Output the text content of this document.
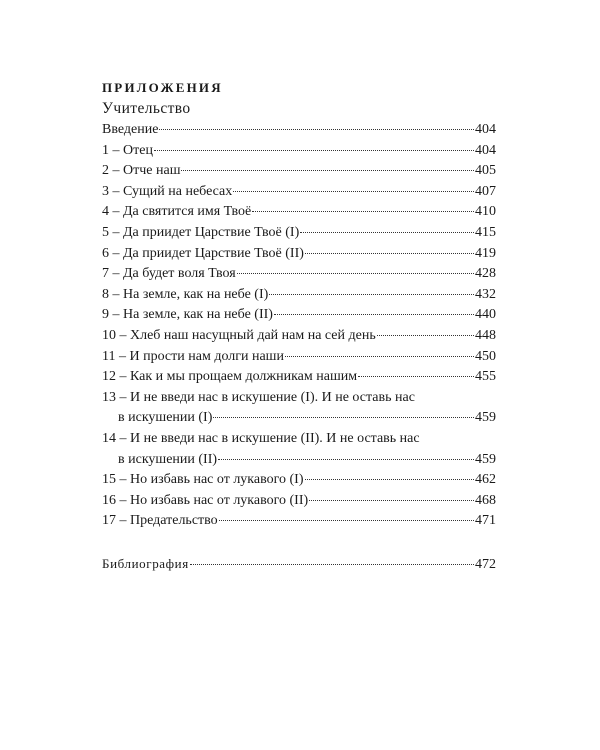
ПРИЛОЖЕНИЯ
Учительство
Введение	404
1 – Отец	404
2 – Отче наш	405
3 – Сущий на небесах	407
4 – Да святится имя Твоё	410
5 – Да приидет Царствие Твоё (I)	415
6 – Да приидет Царствие Твоё (II)	419
7 – Да будет воля Твоя	428
8 – На земле, как на небе (I)	432
9 – На земле, как на небе (II)	440
10 – Хлеб наш насущный дай нам на сей день	448
11 – И прости нам долги наши	450
12 – Как и мы прощаем должникам нашим	455
13 – И не введи нас в искушение (I). И не оставь нас
в искушении (I)	459
14 – И не введи нас в искушение (II). И не оставь нас
в искушении (II)	459
15 – Но избавь нас от лукавого (I)	462
16 – Но избавь нас от лукавого (II)	468
17 – Предательство	471
Библиография	472
